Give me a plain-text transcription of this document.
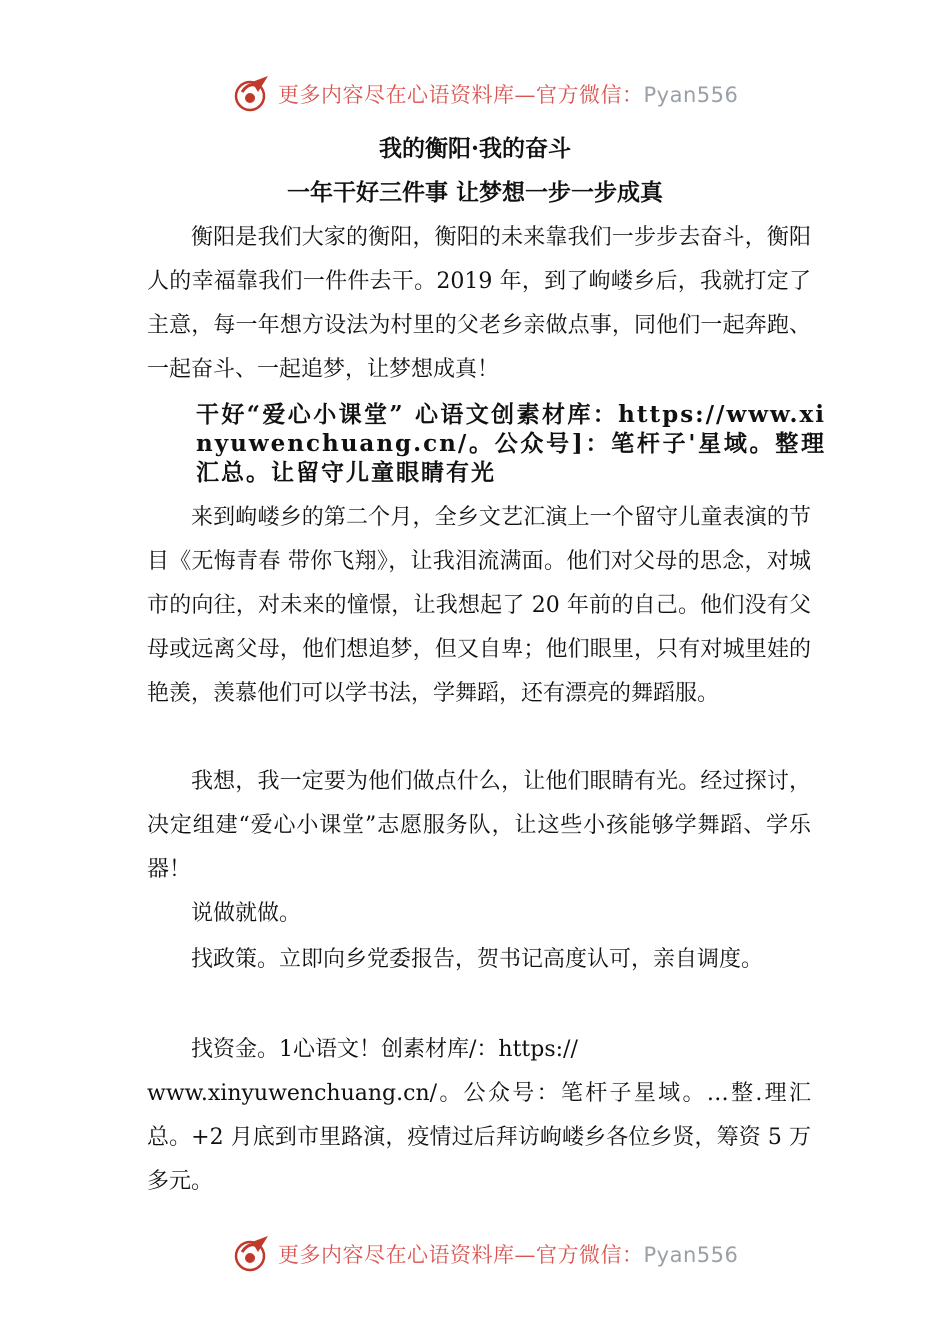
更多内容尽在心语资料库—官方微信：Pyan556
我的衡阳·我的奋斗
一年干好三件事 让梦想一步一步成真

衡阳是我们大家的衡阳，衡阳的未来靠我们一步步去奋斗，衡阳人的幸福靠我们一件件去干。2019 年，到了岣嵝乡后，我就打定了主意，每一年想方设法为村里的父老乡亲做点事，同他们一起奔跑、一起奋斗、一起追梦，让梦想成真！

干好“爱心小课堂” 心语文创素材库：https://www.xinyuwenchuang.cn/。公众号]：笔杆子'星域。整理汇总。让留守儿童眼睛有光

来到岣嵝乡的第二个月，全乡文艺汇演上一个留守儿童表演的节目《无悔青春 带你飞翔》，让我泪流满面。他们对父母的思念，对城市的向往，对未来的憧憬，让我想起了 20 年前的自己。他们没有父母或远离父母，他们想追梦，但又自卑；他们眼里，只有对城里娃的艳羡，羡慕他们可以学书法，学舞蹈，还有漂亮的舞蹈服。

我想，我一定要为他们做点什么，让他们眼睛有光。经过探讨，决定组建“爱心小课堂”志愿服务队，让这些小孩能够学舞蹈、学乐器！

说做就做。

找政策。立即向乡党委报告，贺书记高度认可，亲自调度。

找资金。1心语文！创素材库/：https://

www.xinyuwenchuang.cn/。公众号：笔杆子星域。…整.理汇总。+2 月底到市里路演，疫情过后拜访岣嵝乡各位乡贤，筹资 5 万多元。

更多内容尽在心语资料库—官方微信：Pyan556
